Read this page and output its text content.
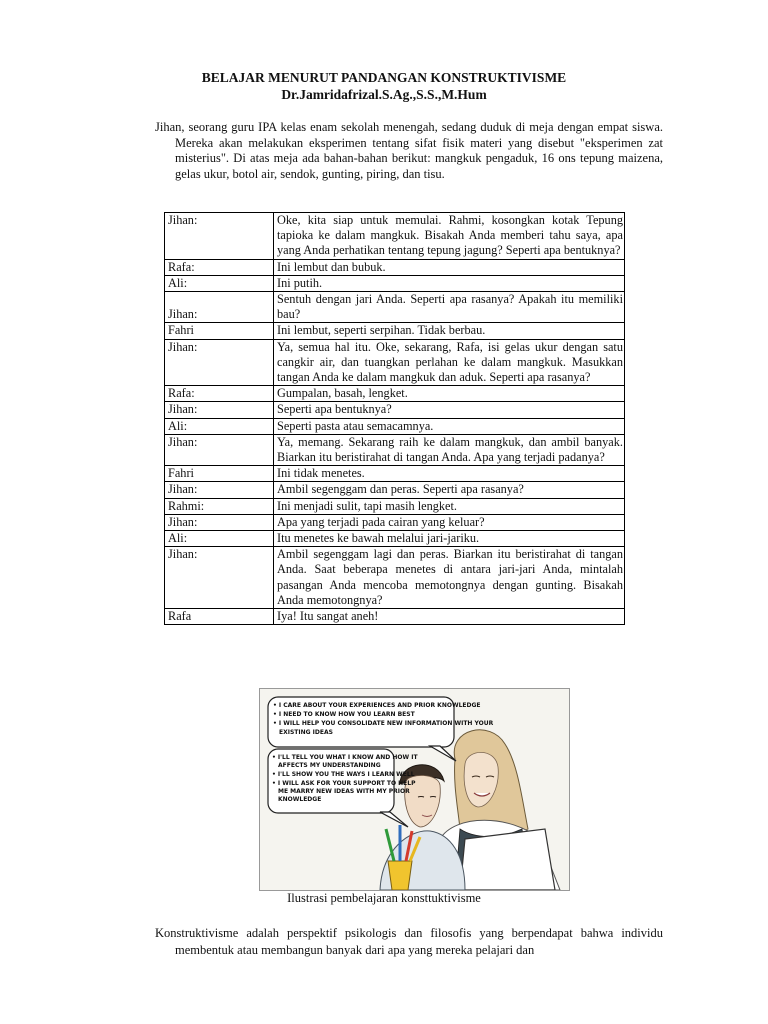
BELAJAR MENURUT PANDANGAN KONSTRUKTIVISME
Dr.Jamridafrizal.S.Ag.,S.S.,M.Hum
Jihan, seorang guru IPA kelas enam sekolah menengah, sedang duduk di meja dengan empat siswa. Mereka akan melakukan eksperimen tentang sifat fisik materi yang disebut "eksperimen zat misterius". Di atas meja ada bahan-bahan berikut: mangkuk pengaduk, 16 ons tepung maizena, gelas ukur, botol air, sendok, gunting, piring, dan tisu.
Jihan:	Oke, kita siap untuk memulai. Rahmi, kosongkan kotak Tepung tapioka ke dalam mangkuk. Bisakah Anda memberi tahu saya, apa yang Anda perhatikan tentang tepung jagung? Seperti apa bentuknya?
Rafa:	Ini lembut dan bubuk.
Ali:	Ini putih.
Jihan:	Sentuh dengan jari Anda. Seperti apa rasanya? Apakah itu memiliki bau?
Fahri	Ini lembut, seperti serpihan. Tidak berbau.
Jihan:	Ya, semua hal itu. Oke, sekarang, Rafa, isi gelas ukur dengan satu cangkir air, dan tuangkan perlahan ke dalam mangkuk. Masukkan tangan Anda ke dalam mangkuk dan aduk. Seperti apa rasanya?
Rafa:	Gumpalan, basah, lengket.
Jihan:	Seperti apa bentuknya?
Ali:	Seperti pasta atau semacamnya.
Jihan:	Ya, memang. Sekarang raih ke dalam mangkuk, dan ambil banyak. Biarkan itu beristirahat di tangan Anda. Apa yang terjadi padanya?
Fahri	Ini tidak menetes.
Jihan:	Ambil segenggam dan peras. Seperti apa rasanya?
Rahmi:	Ini menjadi sulit, tapi masih lengket.
Jihan:	Apa yang terjadi pada cairan yang keluar?
Ali:	Itu menetes ke bawah melalui jari-jariku.
Jihan:	Ambil segenggam lagi dan peras. Biarkan itu beristirahat di tangan Anda. Saat beberapa menetes di antara jari-jari Anda, mintalah pasangan Anda mencoba memotongnya dengan gunting. Bisakah Anda memotongnya?
Rafa	Iya! Itu sangat aneh!
• I CARE ABOUT YOUR EXPERIENCES AND PRIOR KNOWLEDGE
• I NEED TO KNOW HOW YOU LEARN BEST
• I WILL HELP YOU CONSOLIDATE NEW INFORMATION WITH YOUR
EXISTING IDEAS
• I'LL TELL YOU WHAT I KNOW AND HOW IT
AFFECTS MY UNDERSTANDING
• I'LL SHOW YOU THE WAYS I LEARN WELL
• I WILL ASK FOR YOUR SUPPORT TO HELP
ME MARRY NEW IDEAS WITH MY PRIOR
KNOWLEDGE
Ilustrasi pembelajaran konsttuktivisme
Konstruktivisme adalah perspektif psikologis dan filosofis yang berpendapat bahwa individu membentuk atau membangun banyak dari apa yang mereka pelajari dan
